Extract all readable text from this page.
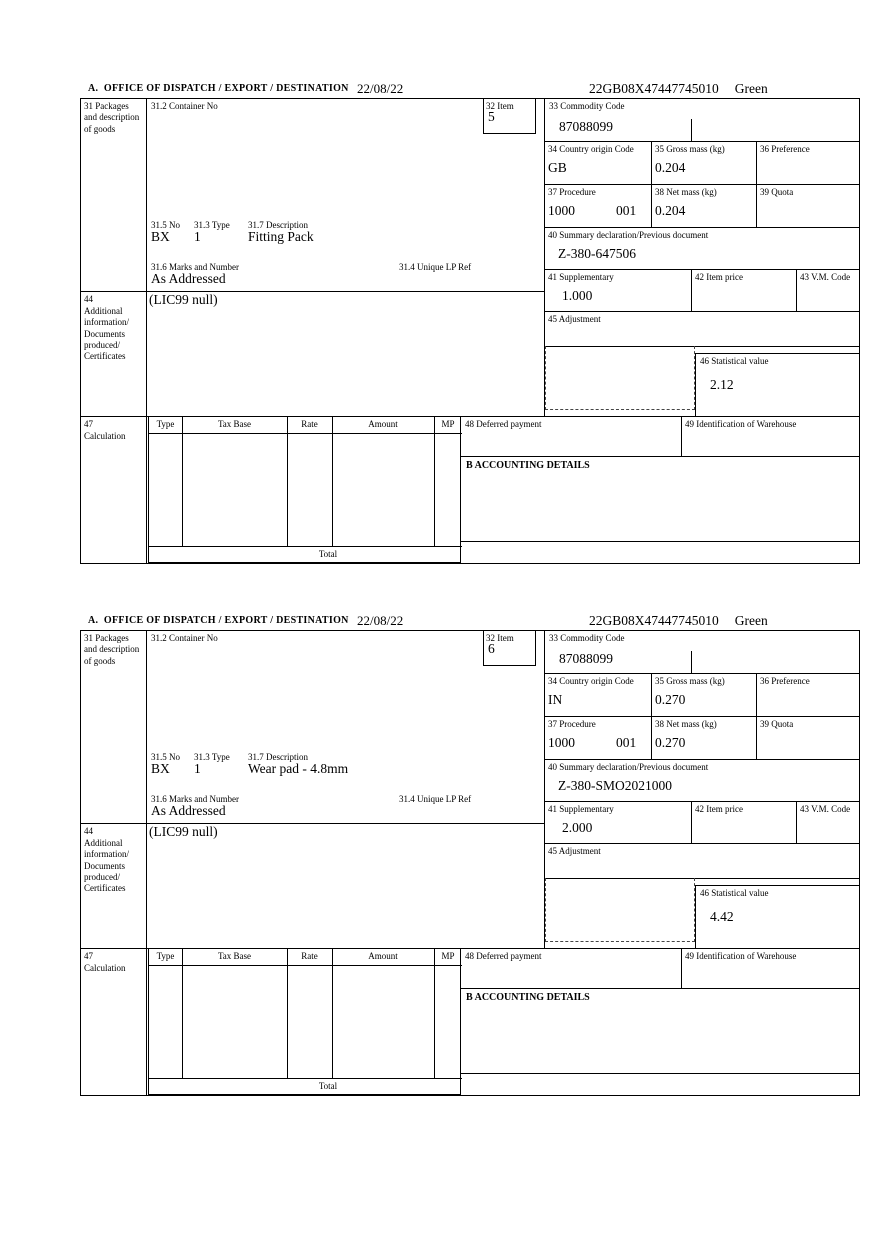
A.  OFFICE OF DISPATCH / EXPORT / DESTINATION 22/08/22	22GB08X47447745010 Green
31 Packages and description of goods
44
Additional information/ Documents produced/ Certificates
47
Calculation
31.2 Container No	32 Item
5
31.5 No 31.3 Type 31.7 Description
BX 1	Fitting Pack
31.6 Marks and Number	31.4 Unique LP Ref
As Addressed
(LIC99 null)
33 Commodity Code
87088099
34 Country origin Code
GB
35 Gross mass (kg)
0.204
36 Preference
37 Procedure
1000	001
38 Net mass (kg)
0.204
39 Quota
40 Summary declaration/Previous document
Z-380-647506
41 Supplementary
1.000
42 Item price	43 V.M. Code
45 Adjustment
46 Statistical value
2.12
Type	Tax Base	Rate	Amount	MP
Total
48 Deferred payment	49 Identification of Warehouse
B ACCOUNTING DETAILS
A.  OFFICE OF DISPATCH / EXPORT / DESTINATION 22/08/22	22GB08X47447745010 Green
31 Packages and description of goods
44
Additional information/ Documents produced/ Certificates
47
Calculation
31.2 Container No	32 Item
6
31.5 No 31.3 Type 31.7 Description
BX 1	Wear pad - 4.8mm
31.6 Marks and Number	31.4 Unique LP Ref
As Addressed
(LIC99 null)
33 Commodity Code
87088099
34 Country origin Code
IN
35 Gross mass (kg)
0.270
36 Preference
37 Procedure
1000	001
38 Net mass (kg)
0.270
39 Quota
40 Summary declaration/Previous document
Z-380-SMO2021000
41 Supplementary
2.000
42 Item price	43 V.M. Code
45 Adjustment
46 Statistical value
4.42
Type	Tax Base	Rate	Amount	MP
Total
48 Deferred payment	49 Identification of Warehouse
B ACCOUNTING DETAILS
